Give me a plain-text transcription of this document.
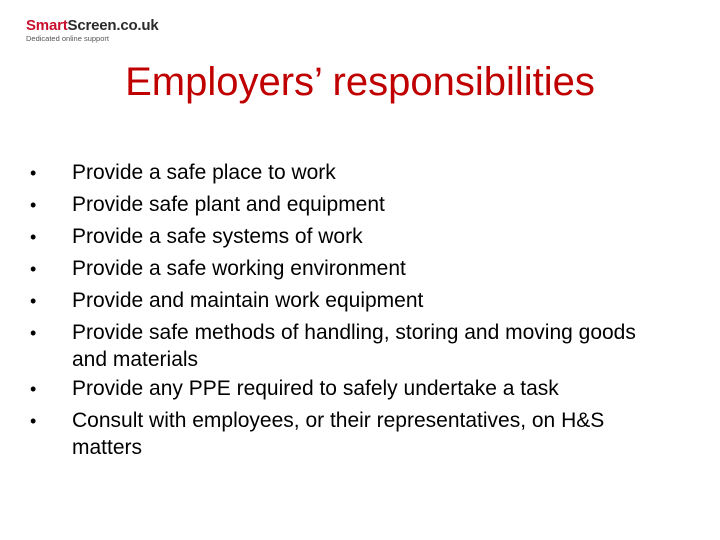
SmartScreen.co.uk
Dedicated online support
Employers’ responsibilities
•	Provide a safe place to work
•	Provide safe plant and equipment
•	Provide a safe systems of work
•	Provide a safe working environment
•	Provide and maintain work equipment
•	Provide safe methods of handling, storing and moving goods and materials
•	Provide any PPE required to safely undertake a task
•	Consult with employees, or their representatives, on H&S matters
